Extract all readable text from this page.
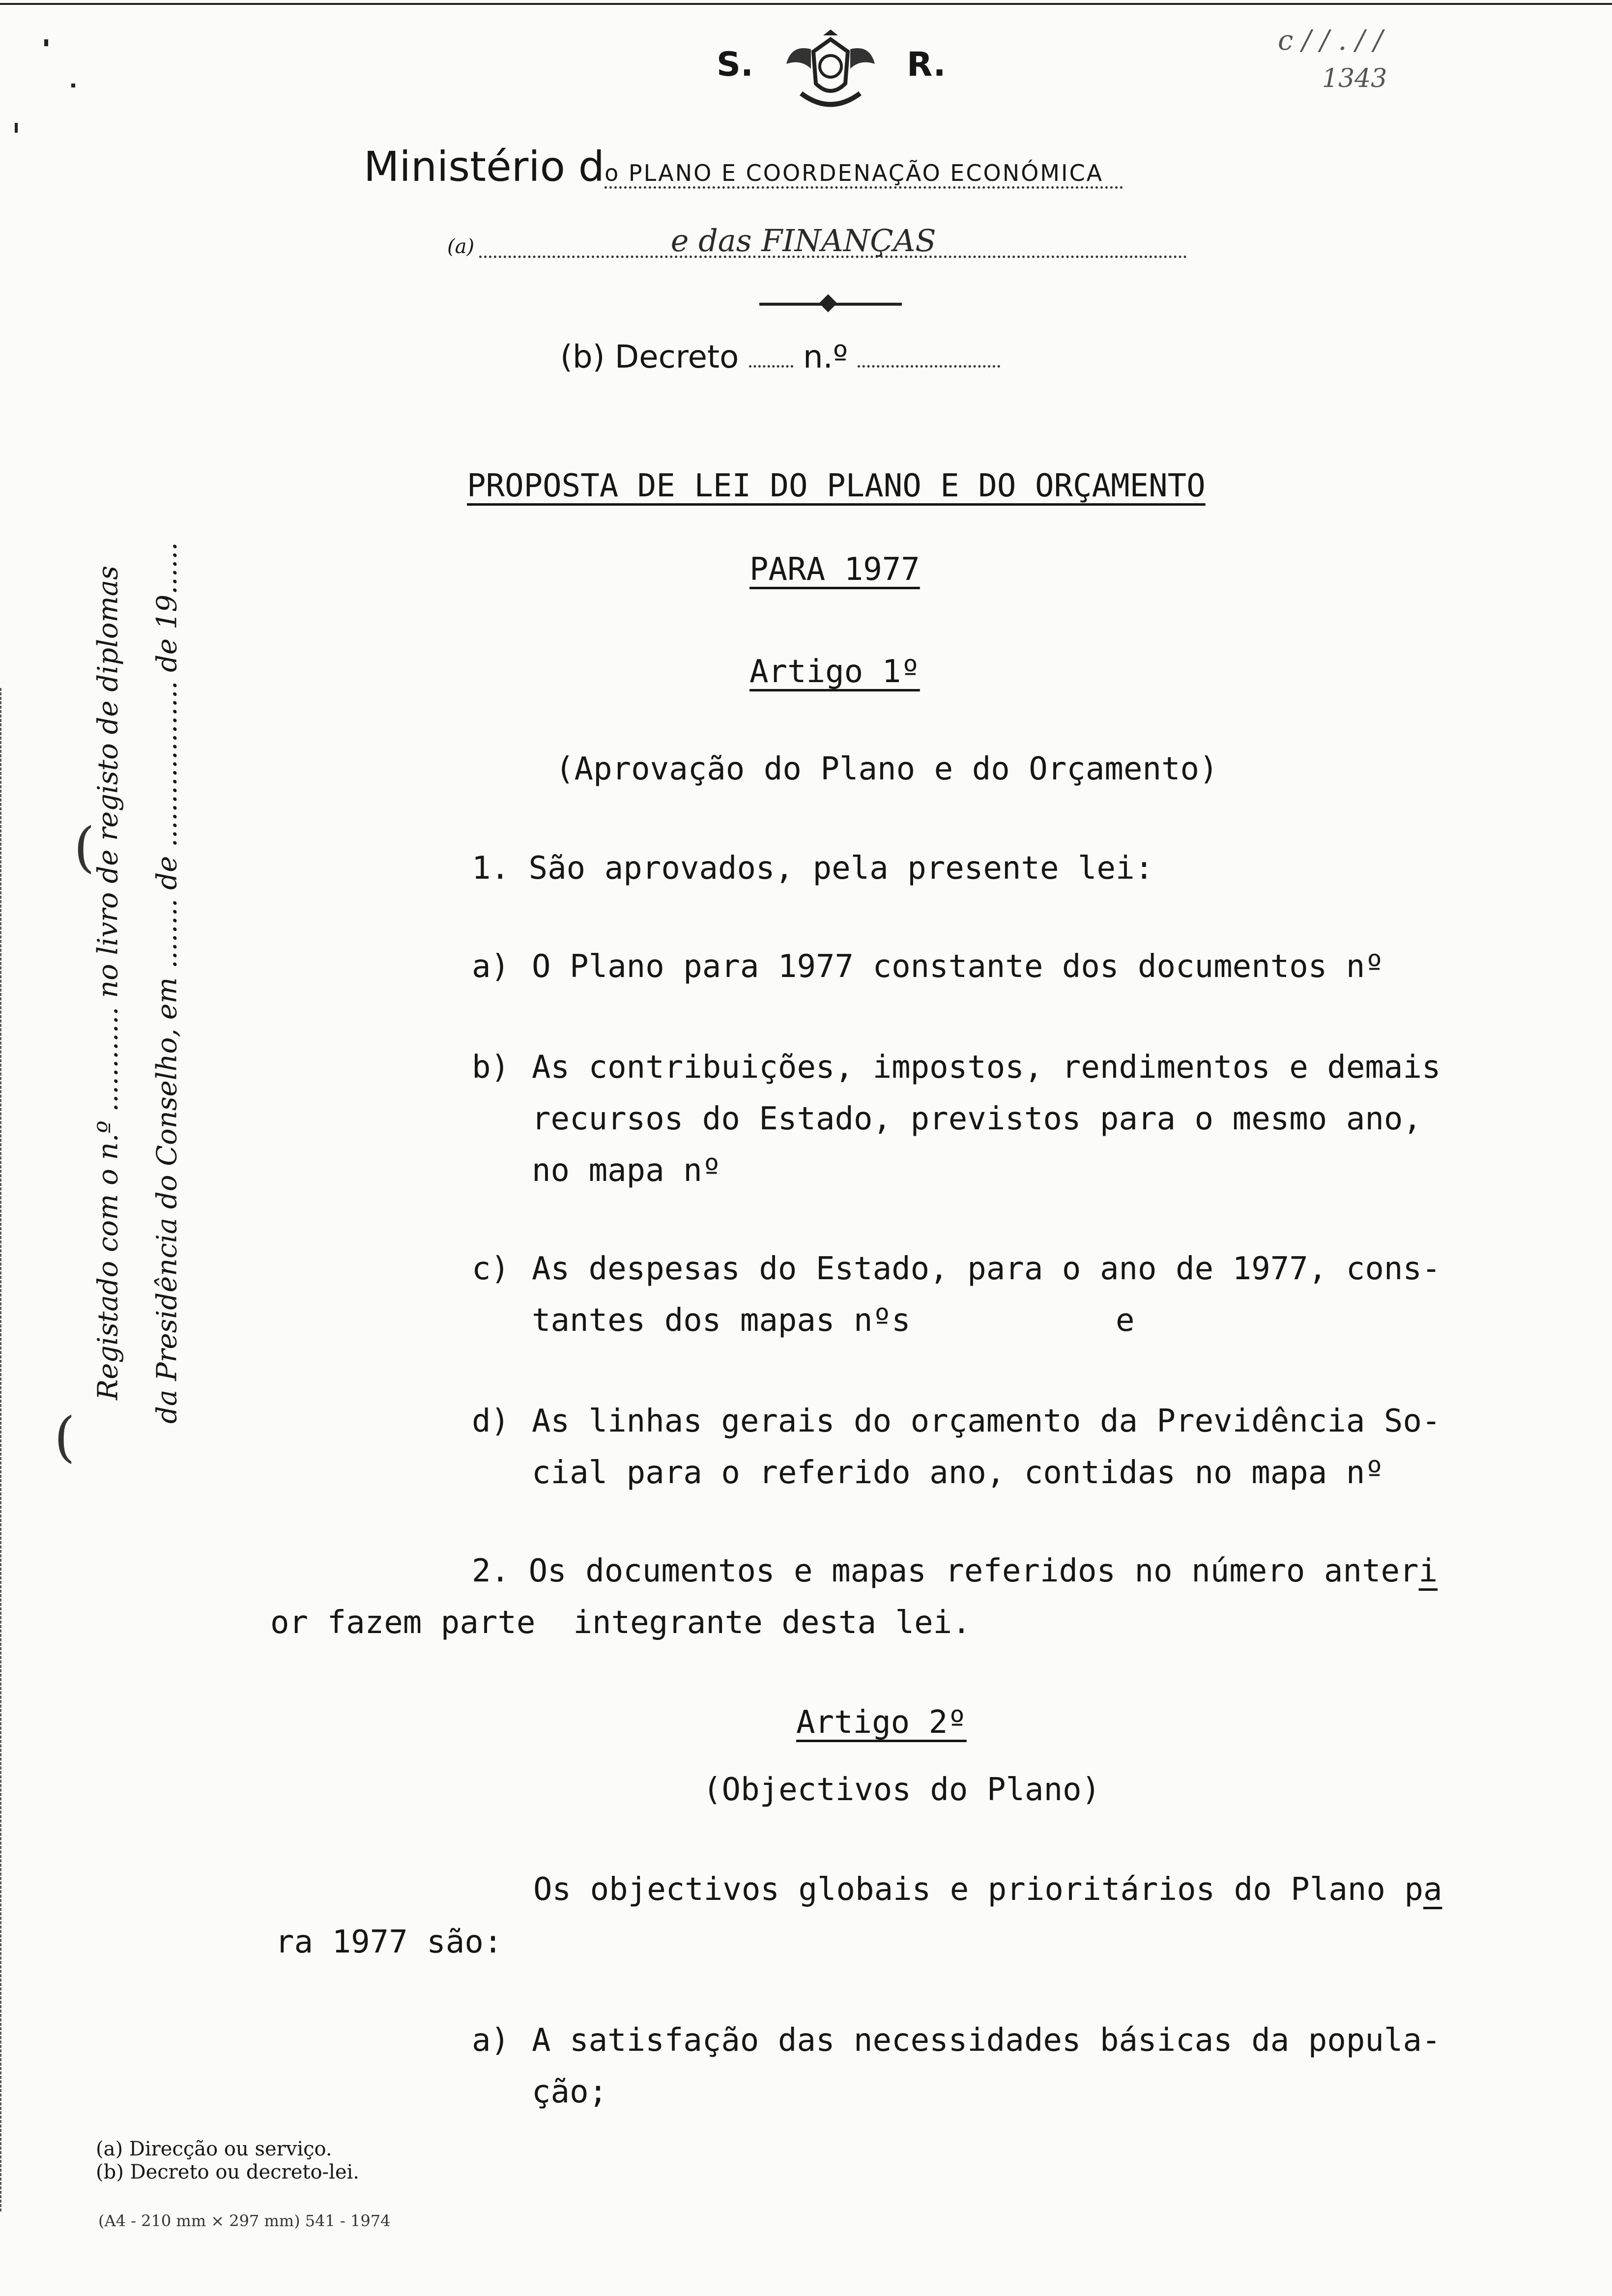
S.	R.
c / / . / /
1343
Ministério do PLANO E COORDENAÇÃO ECONÓMICA
(a)	e das FINANÇAS
(b) Decreto n.º
Registado com o n.º ............ no livro de registo de diplomas da Presidência do Conselho, em ........ de ................... de 19......
(
(
PROPOSTA DE LEI DO PLANO E DO ORÇAMENTO
PARA 1977
Artigo 1º
(Aprovação do Plano e do Orçamento)
1. São aprovados, pela presente lei:
a) O Plano para 1977 constante dos documentos nº
b) As contribuições, impostos, rendimentos e demais
recursos do Estado, previstos para o mesmo ano,
no mapa nº
c) As despesas do Estado, para o ano de 1977, cons-
tantes dos mapas nºs	e
d) As linhas gerais do orçamento da Previdência So-
cial para o referido ano, contidas no mapa nº
2. Os documentos e mapas referidos no número anteri
or fazem parte  integrante desta lei.
Artigo 2º
(Objectivos do Plano)
Os objectivos globais e prioritários do Plano pa
ra 1977 são:
a) A satisfação das necessidades básicas da popula-
ção;
(a) Direcção ou serviço.
(b) Decreto ou decreto-lei.
(A4 - 210 mm × 297 mm) 541 - 1974
